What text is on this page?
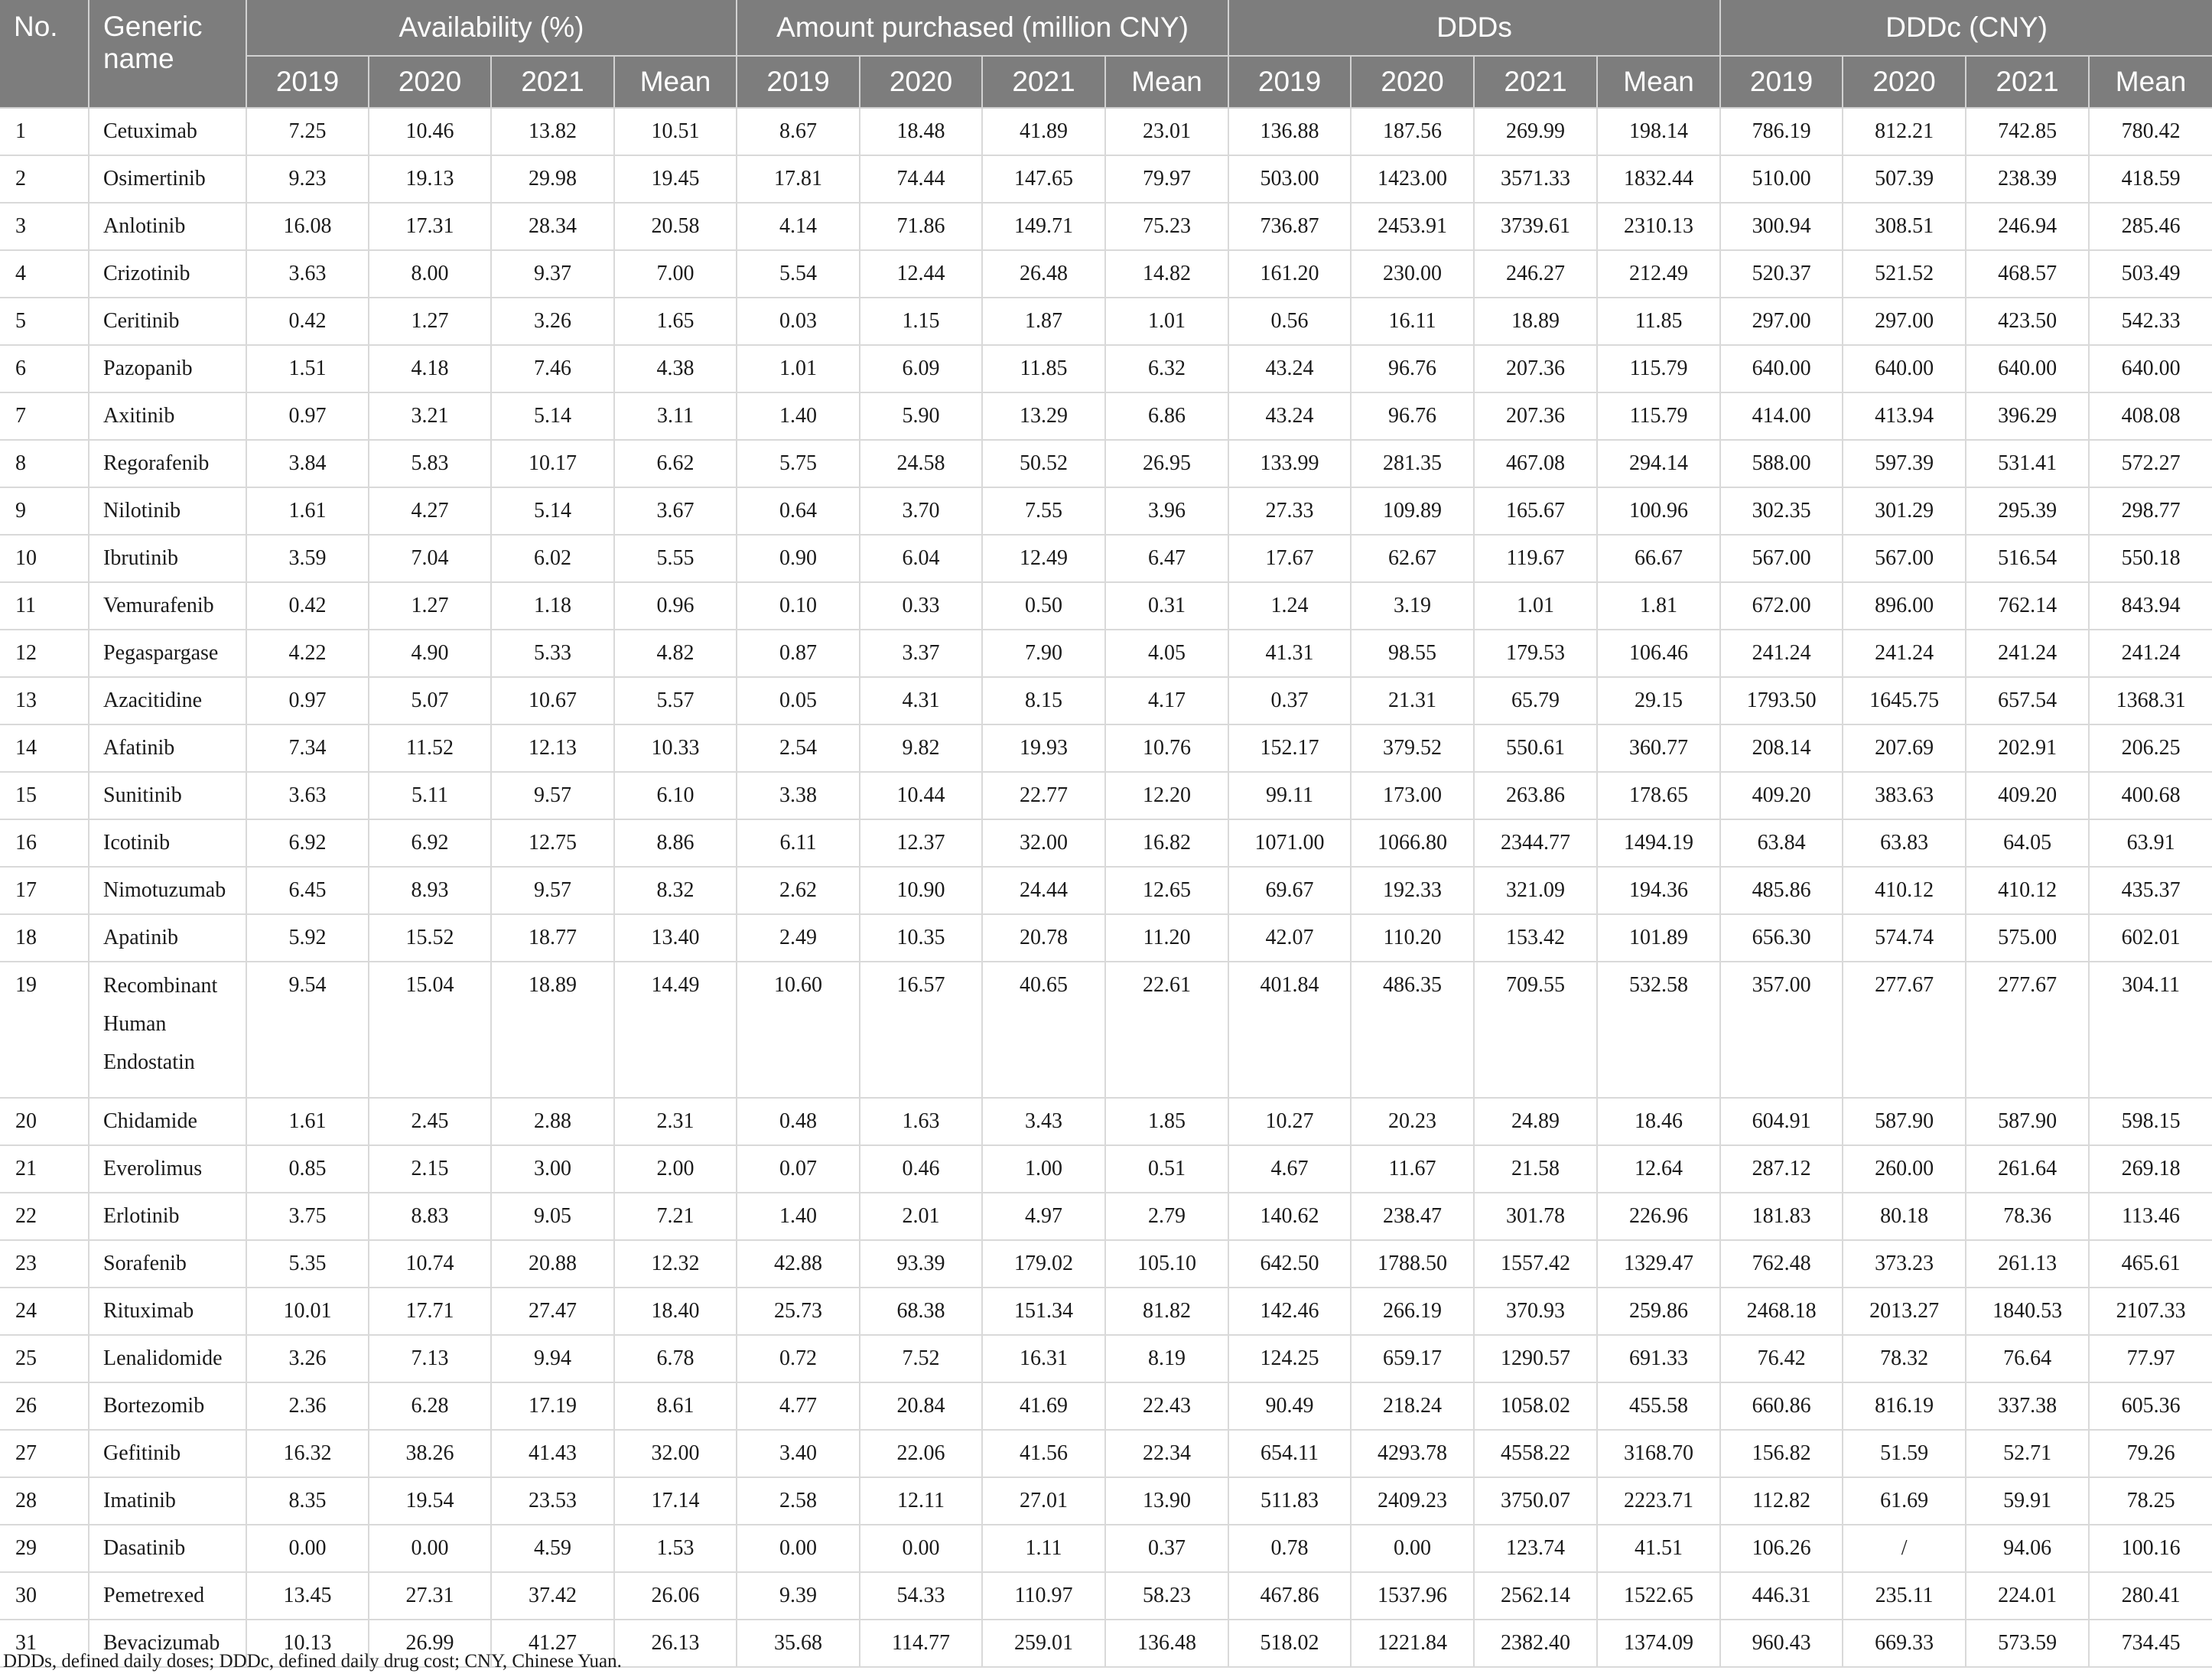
No.	Generic name	Availability (%)				Amount purchased (million CNY)				DDDs				DDDc (CNY)			
		2019	2020	2021	Mean	2019	2020	2021	Mean	2019	2020	2021	Mean	2019	2020	2021	Mean
1	Cetuximab	7.25	10.46	13.82	10.51	8.67	18.48	41.89	23.01	136.88	187.56	269.99	198.14	786.19	812.21	742.85	780.42
2	Osimertinib	9.23	19.13	29.98	19.45	17.81	74.44	147.65	79.97	503.00	1423.00	3571.33	1832.44	510.00	507.39	238.39	418.59
3	Anlotinib	16.08	17.31	28.34	20.58	4.14	71.86	149.71	75.23	736.87	2453.91	3739.61	2310.13	300.94	308.51	246.94	285.46
4	Crizotinib	3.63	8.00	9.37	7.00	5.54	12.44	26.48	14.82	161.20	230.00	246.27	212.49	520.37	521.52	468.57	503.49
5	Ceritinib	0.42	1.27	3.26	1.65	0.03	1.15	1.87	1.01	0.56	16.11	18.89	11.85	297.00	297.00	423.50	542.33
6	Pazopanib	1.51	4.18	7.46	4.38	1.01	6.09	11.85	6.32	43.24	96.76	207.36	115.79	640.00	640.00	640.00	640.00
7	Axitinib	0.97	3.21	5.14	3.11	1.40	5.90	13.29	6.86	43.24	96.76	207.36	115.79	414.00	413.94	396.29	408.08
8	Regorafenib	3.84	5.83	10.17	6.62	5.75	24.58	50.52	26.95	133.99	281.35	467.08	294.14	588.00	597.39	531.41	572.27
9	Nilotinib	1.61	4.27	5.14	3.67	0.64	3.70	7.55	3.96	27.33	109.89	165.67	100.96	302.35	301.29	295.39	298.77
10	Ibrutinib	3.59	7.04	6.02	5.55	0.90	6.04	12.49	6.47	17.67	62.67	119.67	66.67	567.00	567.00	516.54	550.18
11	Vemurafenib	0.42	1.27	1.18	0.96	0.10	0.33	0.50	0.31	1.24	3.19	1.01	1.81	672.00	896.00	762.14	843.94
12	Pegaspargase	4.22	4.90	5.33	4.82	0.87	3.37	7.90	4.05	41.31	98.55	179.53	106.46	241.24	241.24	241.24	241.24
13	Azacitidine	0.97	5.07	10.67	5.57	0.05	4.31	8.15	4.17	0.37	21.31	65.79	29.15	1793.50	1645.75	657.54	1368.31
14	Afatinib	7.34	11.52	12.13	10.33	2.54	9.82	19.93	10.76	152.17	379.52	550.61	360.77	208.14	207.69	202.91	206.25
15	Sunitinib	3.63	5.11	9.57	6.10	3.38	10.44	22.77	12.20	99.11	173.00	263.86	178.65	409.20	383.63	409.20	400.68
16	Icotinib	6.92	6.92	12.75	8.86	6.11	12.37	32.00	16.82	1071.00	1066.80	2344.77	1494.19	63.84	63.83	64.05	63.91
17	Nimotuzumab	6.45	8.93	9.57	8.32	2.62	10.90	24.44	12.65	69.67	192.33	321.09	194.36	485.86	410.12	410.12	435.37
18	Apatinib	5.92	15.52	18.77	13.40	2.49	10.35	20.78	11.20	42.07	110.20	153.42	101.89	656.30	574.74	575.00	602.01
19	Recombinant Human Endostatin	9.54	15.04	18.89	14.49	10.60	16.57	40.65	22.61	401.84	486.35	709.55	532.58	357.00	277.67	277.67	304.11
20	Chidamide	1.61	2.45	2.88	2.31	0.48	1.63	3.43	1.85	10.27	20.23	24.89	18.46	604.91	587.90	587.90	598.15
21	Everolimus	0.85	2.15	3.00	2.00	0.07	0.46	1.00	0.51	4.67	11.67	21.58	12.64	287.12	260.00	261.64	269.18
22	Erlotinib	3.75	8.83	9.05	7.21	1.40	2.01	4.97	2.79	140.62	238.47	301.78	226.96	181.83	80.18	78.36	113.46
23	Sorafenib	5.35	10.74	20.88	12.32	42.88	93.39	179.02	105.10	642.50	1788.50	1557.42	1329.47	762.48	373.23	261.13	465.61
24	Rituximab	10.01	17.71	27.47	18.40	25.73	68.38	151.34	81.82	142.46	266.19	370.93	259.86	2468.18	2013.27	1840.53	2107.33
25	Lenalidomide	3.26	7.13	9.94	6.78	0.72	7.52	16.31	8.19	124.25	659.17	1290.57	691.33	76.42	78.32	76.64	77.97
26	Bortezomib	2.36	6.28	17.19	8.61	4.77	20.84	41.69	22.43	90.49	218.24	1058.02	455.58	660.86	816.19	337.38	605.36
27	Gefitinib	16.32	38.26	41.43	32.00	3.40	22.06	41.56	22.34	654.11	4293.78	4558.22	3168.70	156.82	51.59	52.71	79.26
28	Imatinib	8.35	19.54	23.53	17.14	2.58	12.11	27.01	13.90	511.83	2409.23	3750.07	2223.71	112.82	61.69	59.91	78.25
29	Dasatinib	0.00	0.00	4.59	1.53	0.00	0.00	1.11	0.37	0.78	0.00	123.74	41.51	106.26	/	94.06	100.16
30	Pemetrexed	13.45	27.31	37.42	26.06	9.39	54.33	110.97	58.23	467.86	1537.96	2562.14	1522.65	446.31	235.11	224.01	280.41
31	Bevacizumab	10.13	26.99	41.27	26.13	35.68	114.77	259.01	136.48	518.02	1221.84	2382.40	1374.09	960.43	669.33	573.59	734.45
DDDs, defined daily doses; DDDc, defined daily drug cost; CNY, Chinese Yuan.
